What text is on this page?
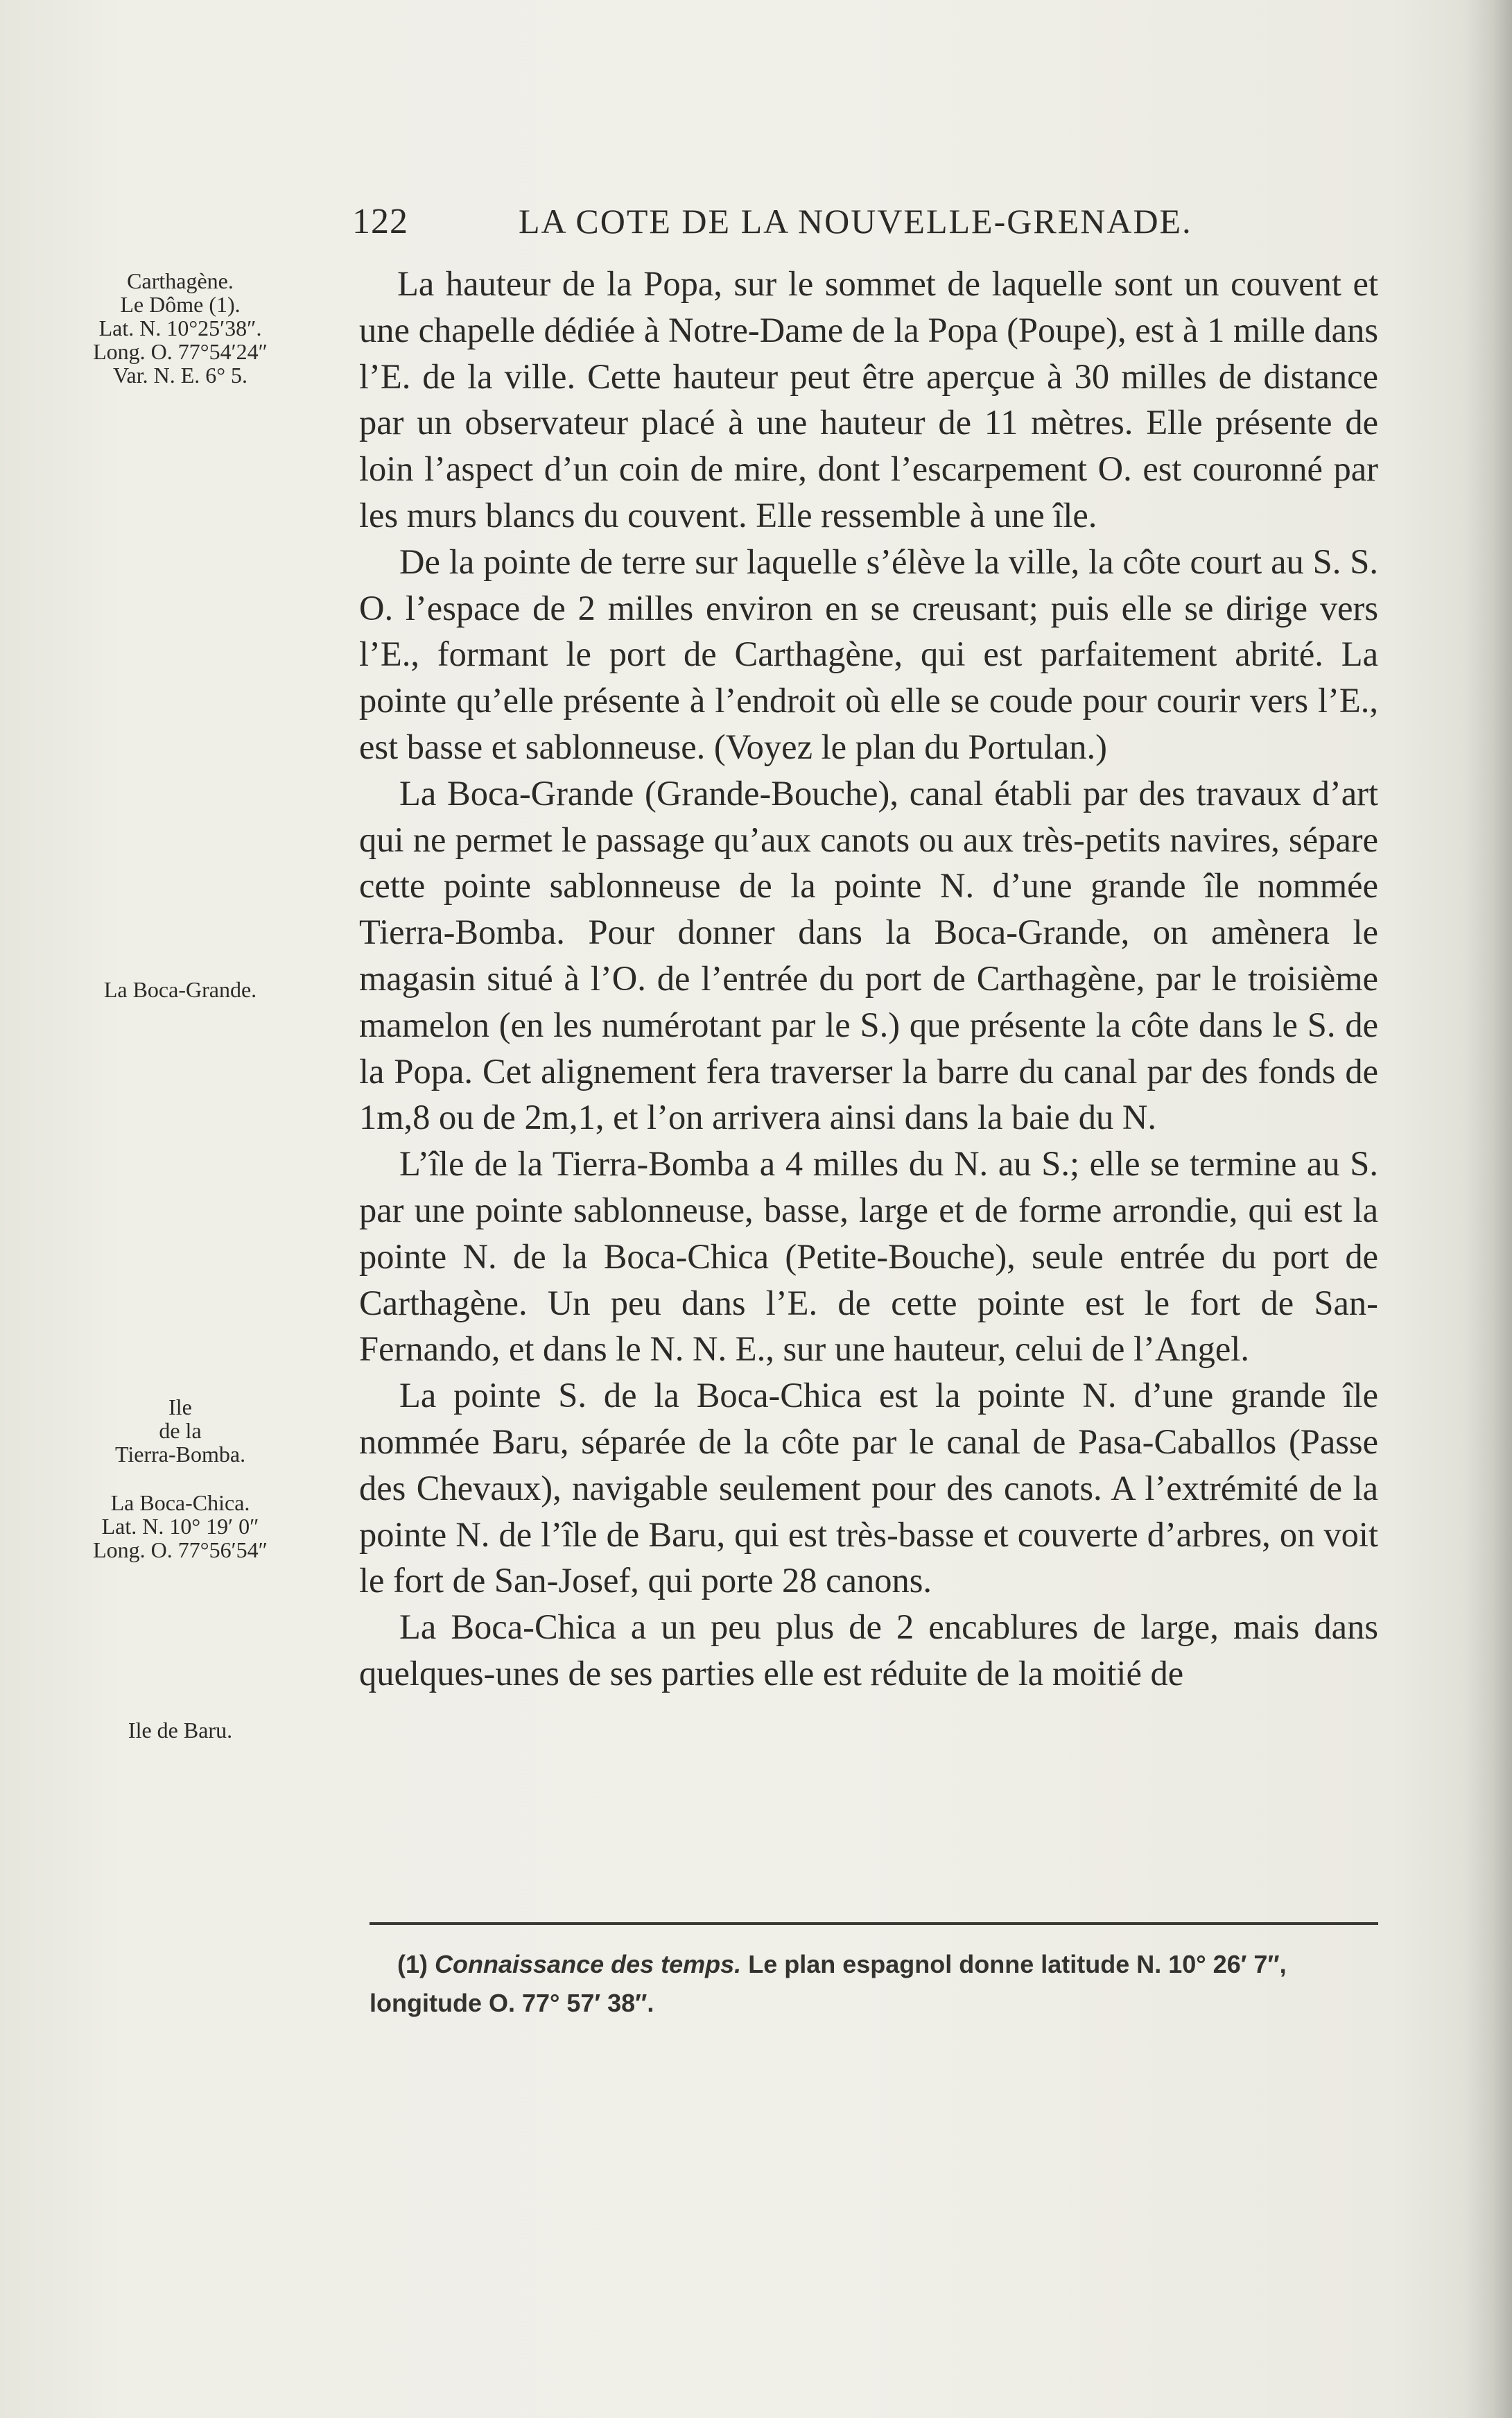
122	LA COTE DE LA NOUVELLE-GRENADE.
Carthagène.
Le Dôme (1).
Lat. N. 10°25′38″.
Long. O. 77°54′24″
Var. N. E. 6° 5.
La Boca-Grande.
Ile
de la
Tierra-Bomba.
La Boca-Chica.
Lat. N. 10° 19′ 0″
Long. O. 77°56′54″
Ile de Baru.

La hauteur de la Popa, sur le sommet de laquelle sont un couvent et une chapelle dédiée à Notre-Dame de la Popa (Poupe), est à 1 mille dans l’E. de la ville. Cette hauteur peut être aperçue à 30 milles de distance par un observateur placé à une hauteur de 11 mètres. Elle présente de loin l’aspect d’un coin de mire, dont l’escarpement O. est couronné par les murs blancs du couvent. Elle ressemble à une île.

De la pointe de terre sur laquelle s’élève la ville, la côte court au S. S. O. l’espace de 2 milles environ en se creusant; puis elle se dirige vers l’E., formant le port de Carthagène, qui est parfaitement abrité. La pointe qu’elle présente à l’endroit où elle se coude pour courir vers l’E., est basse et sablonneuse. (Voyez le plan du Portulan.)

La Boca-Grande (Grande-Bouche), canal établi par des travaux d’art qui ne permet le passage qu’aux canots ou aux très-petits navires, sépare cette pointe sablonneuse de la pointe N. d’une grande île nommée Tierra-Bomba. Pour donner dans la Boca-Grande, on amènera le magasin situé à l’O. de l’entrée du port de Carthagène, par le troisième mamelon (en les numérotant par le S.) que présente la côte dans le S. de la Popa. Cet alignement fera traverser la barre du canal par des fonds de 1m,8 ou de 2m,1, et l’on arrivera ainsi dans la baie du N.

L’île de la Tierra-Bomba a 4 milles du N. au S.; elle se termine au S. par une pointe sablonneuse, basse, large et de forme arrondie, qui est la pointe N. de la Boca-Chica (Petite-Bouche), seule entrée du port de Carthagène. Un peu dans l’E. de cette pointe est le fort de San-Fernando, et dans le N. N. E., sur une hauteur, celui de l’Angel.

La pointe S. de la Boca-Chica est la pointe N. d’une grande île nommée Baru, séparée de la côte par le canal de Pasa-Caballos (Passe des Chevaux), navigable seulement pour des canots. A l’extrémité de la pointe N. de l’île de Baru, qui est très-basse et couverte d’arbres, on voit le fort de San-Josef, qui porte 28 canons.

La Boca-Chica a un peu plus de 2 encablures de large, mais dans quelques-unes de ses parties elle est réduite de la moitié de

(1) Connaissance des temps. Le plan espagnol donne latitude N. 10° 26′ 7″, longitude O. 77° 57′ 38″.
